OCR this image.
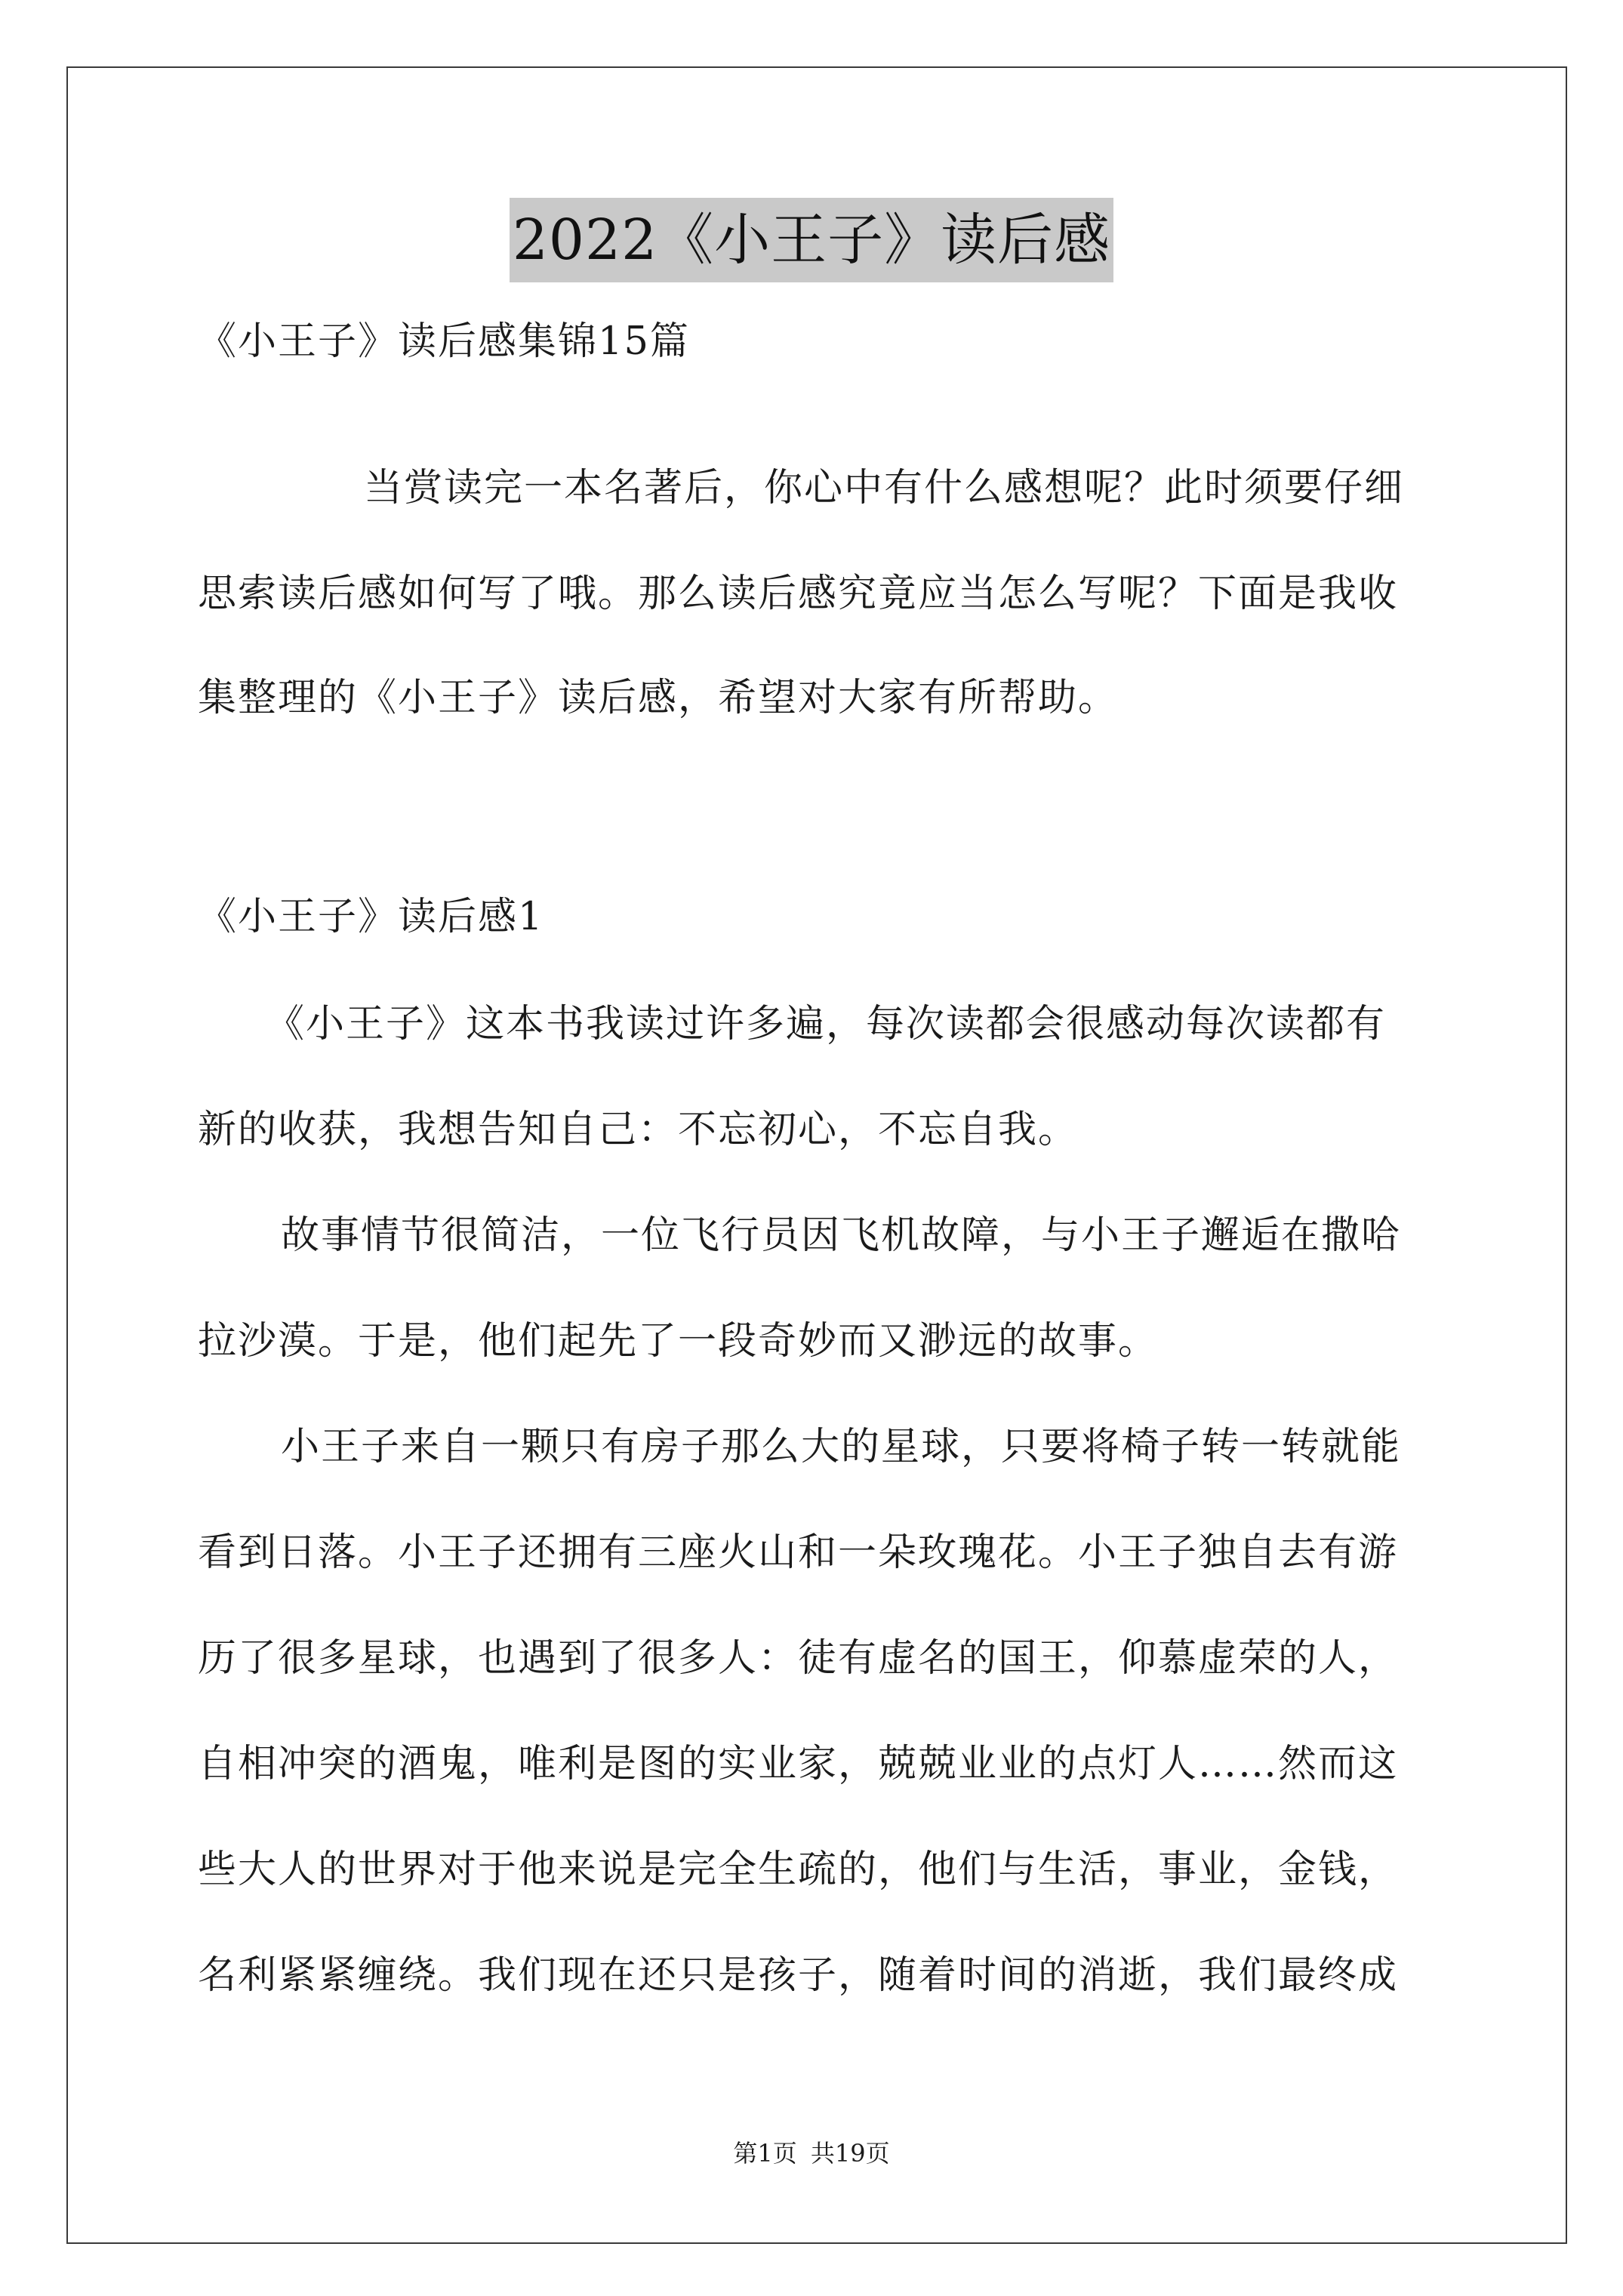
2022《小王子》读后感
《小王子》读后感集锦15篇
当赏读完一本名著后，你心中有什么感想呢？此时须要仔细
思索读后感如何写了哦。那么读后感究竟应当怎么写呢？下面是我收
集整理的《小王子》读后感，希望对大家有所帮助。
《小王子》读后感1
《小王子》这本书我读过许多遍，每次读都会很感动每次读都有
新的收获，我想告知自己：不忘初心，不忘自我。
故事情节很简洁，一位飞行员因飞机故障，与小王子邂逅在撒哈
拉沙漠。于是，他们起先了一段奇妙而又渺远的故事。
小王子来自一颗只有房子那么大的星球，只要将椅子转一转就能
看到日落。小王子还拥有三座火山和一朵玫瑰花。小王子独自去有游
历了很多星球，也遇到了很多人：徒有虚名的国王，仰慕虚荣的人，
自相冲突的酒鬼，唯利是图的实业家，兢兢业业的点灯人……然而这
些大人的世界对于他来说是完全生疏的，他们与生活，事业，金钱，
名利紧紧缠绕。我们现在还只是孩子，随着时间的消逝，我们最终成
第1页 共19页
